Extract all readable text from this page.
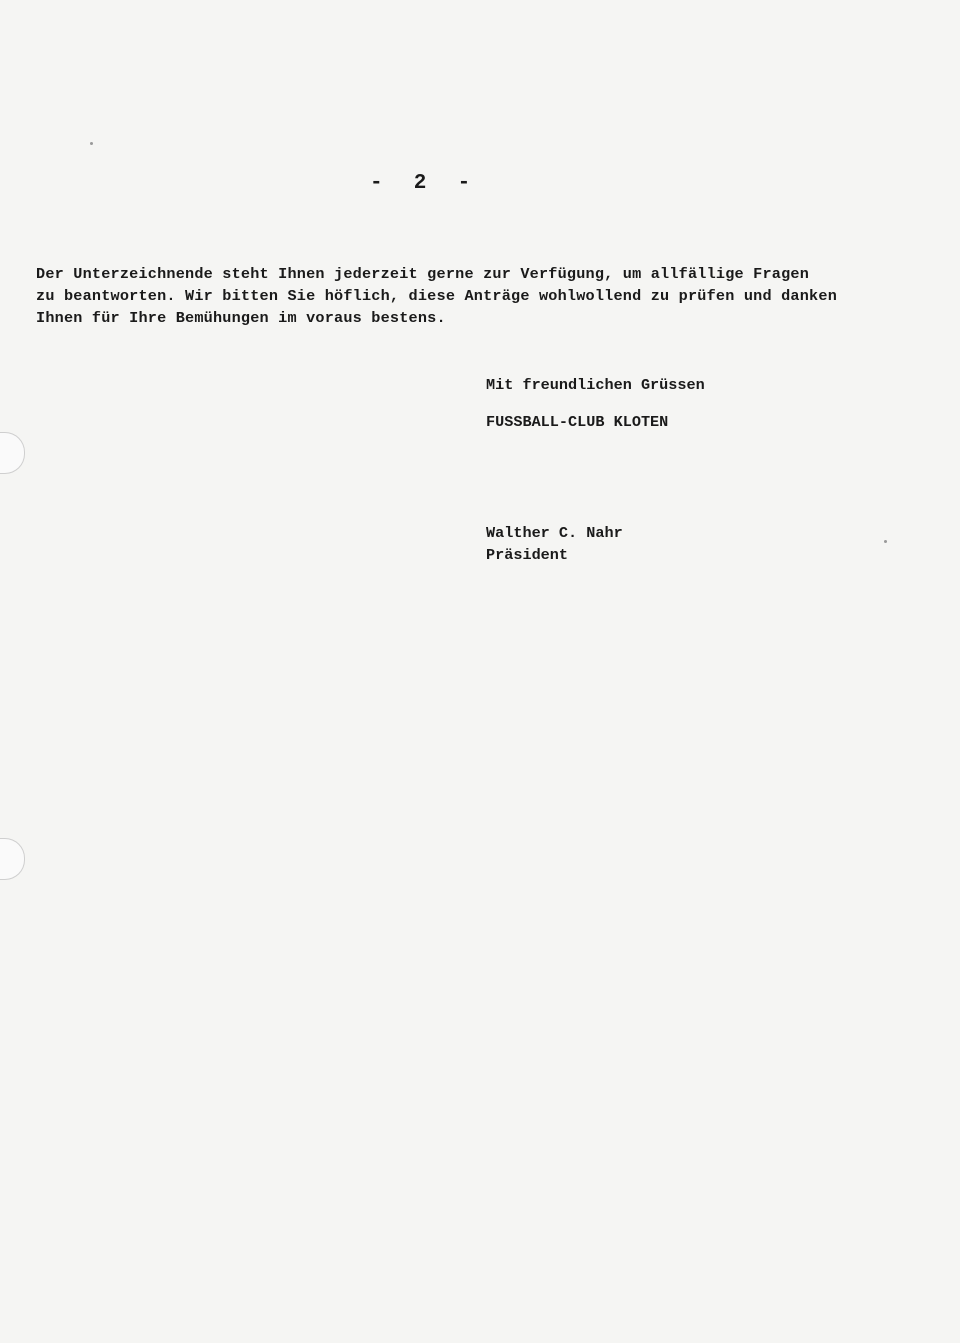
-  2  -
Der Unterzeichnende steht Ihnen jederzeit gerne zur Verfügung, um allfällige Fragen
zu beantworten. Wir bitten Sie höflich, diese Anträge wohlwollend zu prüfen und danken
Ihnen für Ihre Bemühungen im voraus bestens.
Mit freundlichen Grüssen
FUSSBALL-CLUB KLOTEN
Walther C. Nahr
Präsident
